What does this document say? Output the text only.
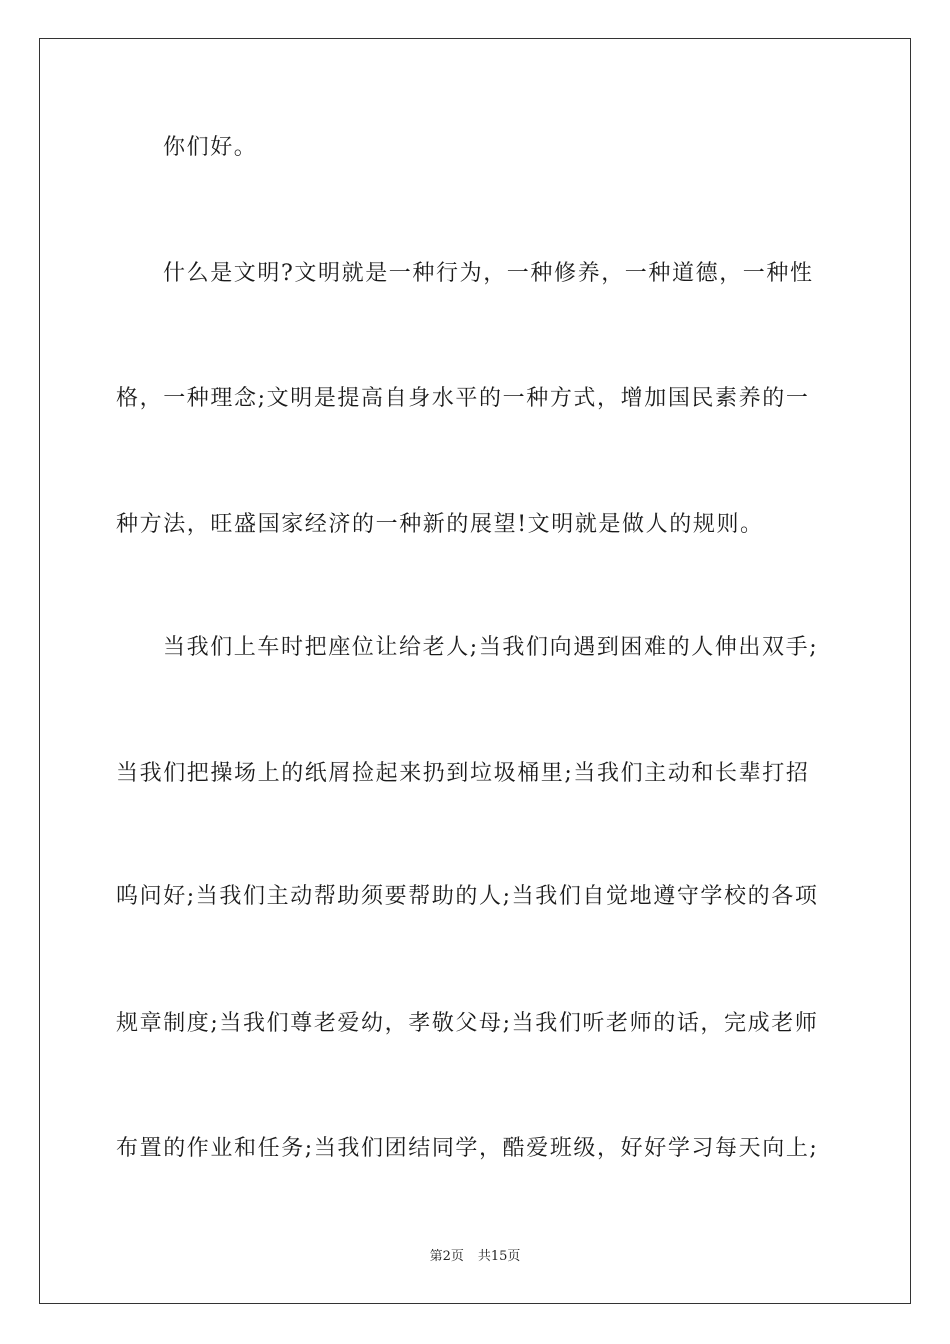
你们好。
什么是文明?文明就是一种行为，一种修养，一种道德，一种性
格，一种理念;文明是提高自身水平的一种方式，增加国民素养的一
种方法，旺盛国家经济的一种新的展望!文明就是做人的规则。
当我们上车时把座位让给老人;当我们向遇到困难的人伸出双手;
当我们把操场上的纸屑捡起来扔到垃圾桶里;当我们主动和长辈打招
呜问好;当我们主动帮助须要帮助的人;当我们自觉地遵守学校的各项
规章制度;当我们尊老爱幼，孝敬父母;当我们听老师的话，完成老师
布置的作业和任务;当我们团结同学，酷爱班级，好好学习每天向上;
第2页 共15页
